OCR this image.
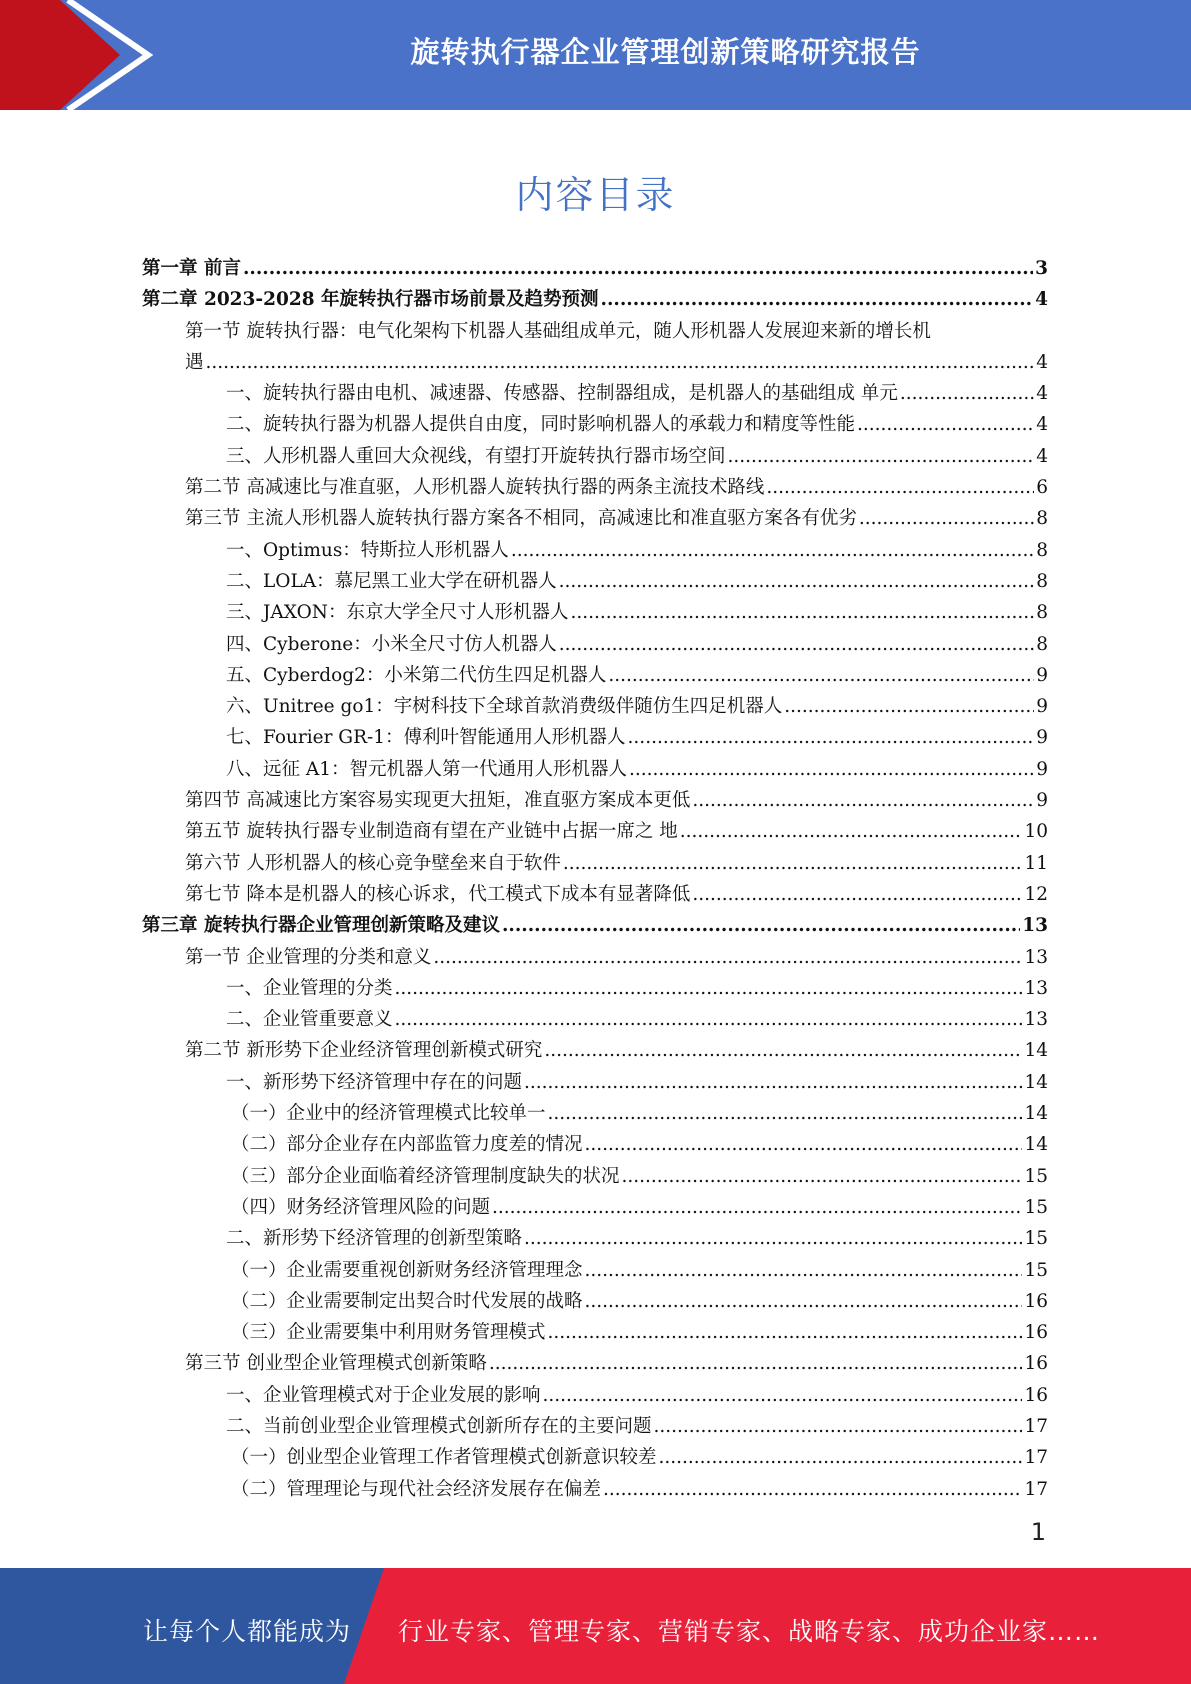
旋转执行器企业管理创新策略研究报告
内容目录
第一章 前言 .....	3
第二章 2023-2028 年旋转执行器市场前景及趋势预测 .....	4
第一节 旋转执行器：电气化架构下机器人基础组成单元，随人形机器人发展迎来新的增长机
遇 .....	4
一、旋转执行器由电机、减速器、传感器、控制器组成，是机器人的基础组成 单元 .....	4
二、旋转执行器为机器人提供自由度，同时影响机器人的承载力和精度等性能 .....	4
三、人形机器人重回大众视线，有望打开旋转执行器市场空间 .....	4
第二节 高减速比与准直驱，人形机器人旋转执行器的两条主流技术路线 .....	6
第三节 主流人形机器人旋转执行器方案各不相同，高减速比和准直驱方案各有优劣 .....	8
一、Optimus：特斯拉人形机器人 .....	8
二、LOLA：慕尼黑工业大学在研机器人 .....	8
三、JAXON：东京大学全尺寸人形机器人 .....	8
四、Cyberone：小米全尺寸仿人机器人 .....	8
五、Cyberdog2：小米第二代仿生四足机器人 .....	9
六、Unitree go1：宇树科技下全球首款消费级伴随仿生四足机器人 .....	9
七、Fourier GR-1：傅利叶智能通用人形机器人 .....	9
八、远征 A1：智元机器人第一代通用人形机器人 .....	9
第四节 高减速比方案容易实现更大扭矩，准直驱方案成本更低 .....	9
第五节 旋转执行器专业制造商有望在产业链中占据一席之 地 .....	10
第六节 人形机器人的核心竞争壁垒来自于软件 .....	11
第七节 降本是机器人的核心诉求，代工模式下成本有显著降低 .....	12
第三章 旋转执行器企业管理创新策略及建议 .....	13
第一节 企业管理的分类和意义 .....	13
一、企业管理的分类 .....	13
二、企业管重要意义 .....	13
第二节 新形势下企业经济管理创新模式研究 .....	14
一、新形势下经济管理中存在的问题 .....	14
（一）企业中的经济管理模式比较单一 .....	14
（二）部分企业存在内部监管力度差的情况 .....	14
（三）部分企业面临着经济管理制度缺失的状况 .....	15
（四）财务经济管理风险的问题 .....	15
二、新形势下经济管理的创新型策略 .....	15
（一）企业需要重视创新财务经济管理理念 .....	15
（二）企业需要制定出契合时代发展的战略 .....	16
（三）企业需要集中利用财务管理模式 .....	16
第三节 创业型企业管理模式创新策略 .....	16
一、企业管理模式对于企业发展的影响 .....	16
二、当前创业型企业管理模式创新所存在的主要问题 .....	17
（一）创业型企业管理工作者管理模式创新意识较差 .....	17
（二）管理理论与现代社会经济发展存在偏差 .....	17
1
让每个人都能成为 行业专家、管理专家、营销专家、战略专家、成功企业家……
